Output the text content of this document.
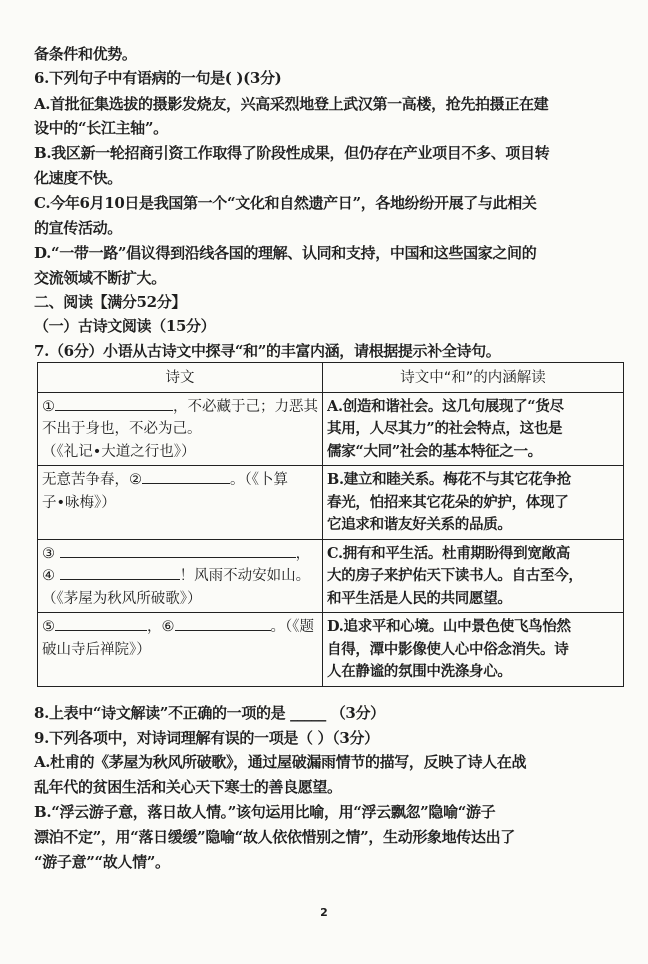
备条件和优势。
6.下列句子中有语病的一句是( )(3分)
A.首批征集选拔的摄影发烧友，兴高采烈地登上武汉第一高楼，抢先拍摄正在建
设中的“长江主轴”。
B.我区新一轮招商引资工作取得了阶段性成果，但仍存在产业项目不多、项目转
化速度不快。
C.今年6月10日是我国第一个“文化和自然遗产日”，各地纷纷开展了与此相关
的宣传活动。
D.“一带一路”倡议得到沿线各国的理解、认同和支持，中国和这些国家之间的
交流领域不断扩大。
二、阅读【满分52分】
（一）古诗文阅读（15分）
诗文	诗文中“和”的内涵解读

① ，不必藏于己；力恶其
不出于身也，不必为己。
（《礼记•大道之行也》）	A.创造和谐社会。这几句展现了“货尽
其用，人尽其力”的社会特点，这也是
儒家“大同”社会的基本特征之一。

无意苦争春，② 。（《卜算
子•咏梅》）	B.建立和睦关系。梅花不与其它花争抢
春光，怕招来其它花朵的妒护，体现了
它追求和谐友好关系的品质。

③ ，
④ ！风雨不动安如山。
（《茅屋为秋风所破歌》）	C.拥有和平生活。杜甫期盼得到宽敞高
大的房子来护佑天下读书人。自古至今，
和平生活是人民的共同愿望。

⑤ ，⑥ 。（《题
破山寺后禅院》）	D.追求平和心境。山中景色使飞鸟怡然
自得，潭中影像使人心中俗念消失。诗
人在静谧的氛围中洗涤身心。
8.上表中“诗文解读”不正确的一项的是 _____ （3分）
9.下列各项中，对诗词理解有误的一项是（ ）（3分）
A.杜甫的《茅屋为秋风所破歌》，通过屋破漏雨情节的描写，反映了诗人在战
乱年代的贫困生活和关心天下寒士的善良愿望。
B.“浮云游子意，落日故人情。”该句运用比喻，用“浮云飘忽”隐喻“游子
漂泊不定”，用“落日缓缓”隐喻“故人依依惜别之情”，生动形象地传达出了
“游子意”“故人情”。
2
7.（6分）小语从古诗文中探寻“和”的丰富内涵，请根据提示补全诗句。
